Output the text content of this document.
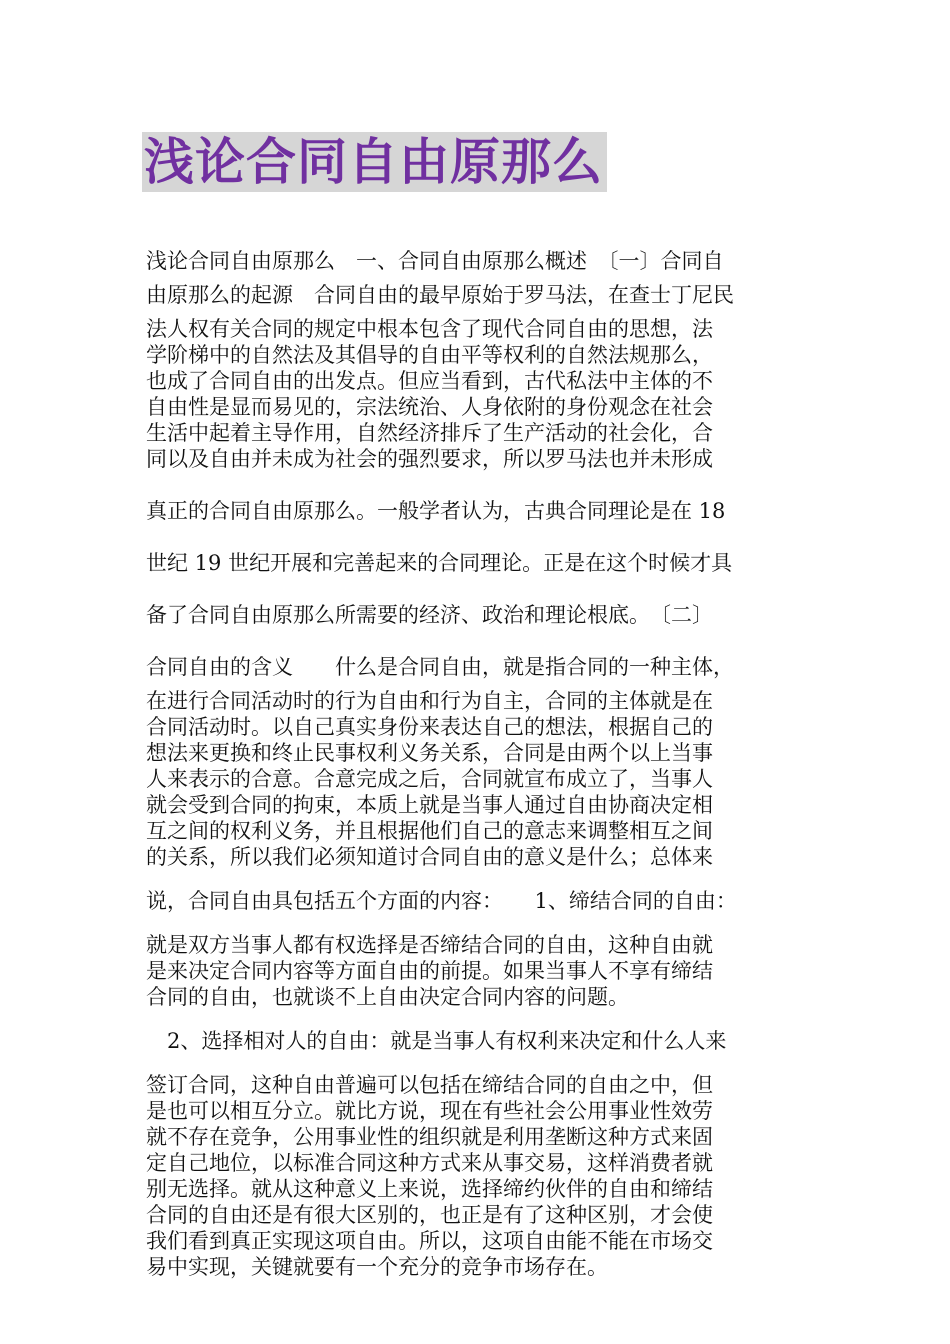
浅论合同自由原那么
浅论合同自由原那么　一、合同自由原那么概述　〔一〕合同自
由原那么的起源　合同自由的最早原始于罗马法，在查士丁尼民
法人权有关合同的规定中根本包含了现代合同自由的思想，法
学阶梯中的自然法及其倡导的自由平等权利的自然法规那么，
也成了合同自由的出发点。但应当看到，古代私法中主体的不
自由性是显而易见的，宗法统治、人身依附的身份观念在社会
生活中起着主导作用，自然经济排斥了生产活动的社会化，合
同以及自由并未成为社会的强烈要求，所以罗马法也并未形成
真正的合同自由原那么。一般学者认为，古典合同理论是在 18
世纪 19 世纪开展和完善起来的合同理论。正是在这个时候才具
备了合同自由原那么所需要的经济、政治和理论根底。　〔二〕
合同自由的含义　　什么是合同自由，就是指合同的一种主体，
在进行合同活动时的行为自由和行为自主，合同的主体就是在
合同活动时。以自己真实身份来表达自己的想法，根据自己的
想法来更换和终止民事权利义务关系，合同是由两个以上当事
人来表示的合意。合意完成之后，合同就宣布成立了，当事人
就会受到合同的拘束，本质上就是当事人通过自由协商决定相
互之间的权利义务，并且根据他们自己的意志来调整相互之间
的关系，所以我们必须知道讨合同自由的意义是什么；总体来
说，合同自由具包括五个方面的内容：　　1、缔结合同的自由：
就是双方当事人都有权选择是否缔结合同的自由，这种自由就
是来决定合同内容等方面自由的前提。如果当事人不享有缔结
合同的自由，也就谈不上自由决定合同内容的问题。
　2、选择相对人的自由：就是当事人有权利来决定和什么人来
签订合同，这种自由普遍可以包括在缔结合同的自由之中，但
是也可以相互分立。就比方说，现在有些社会公用事业性效劳
就不存在竞争，公用事业性的组织就是利用垄断这种方式来固
定自己地位，以标准合同这种方式来从事交易，这样消费者就
别无选择。就从这种意义上来说，选择缔约伙伴的自由和缔结
合同的自由还是有很大区别的，也正是有了这种区别，才会使
我们看到真正实现这项自由。所以，这项自由能不能在市场交
易中实现，关键就要有一个充分的竞争市场存在。
